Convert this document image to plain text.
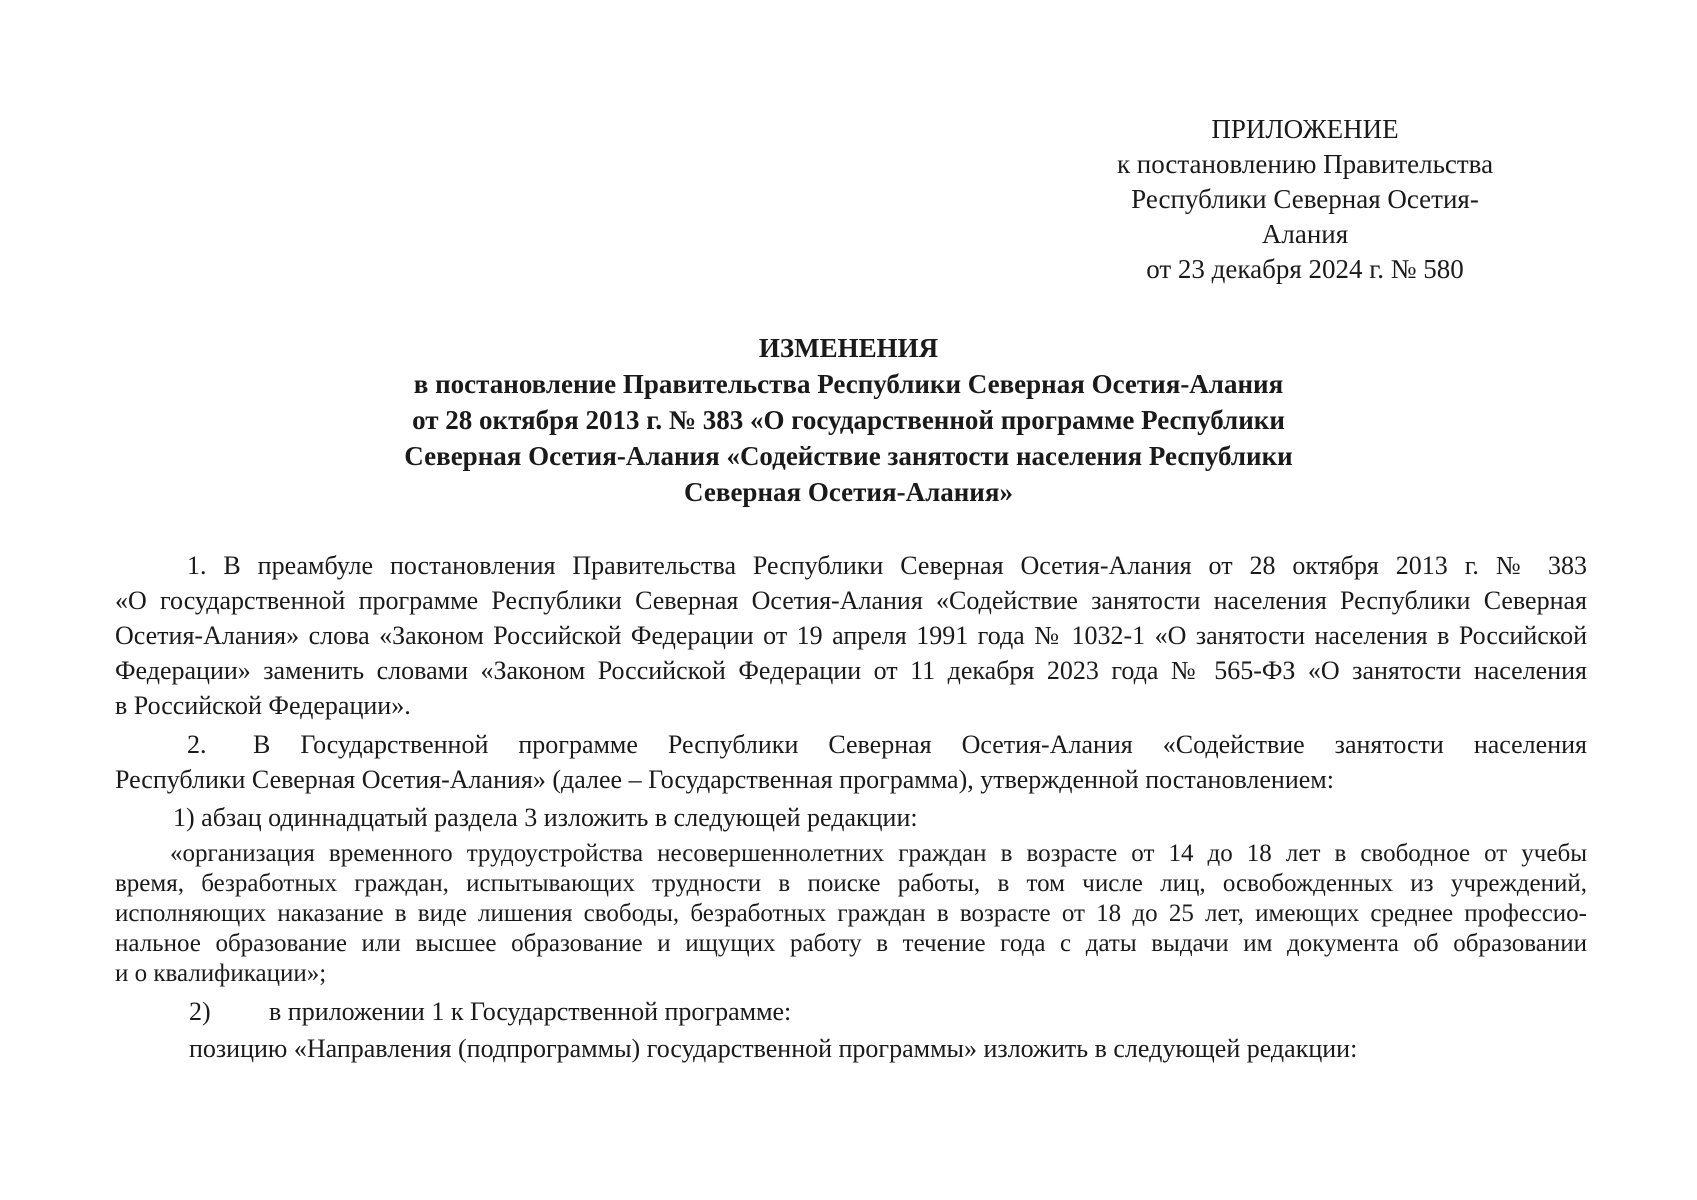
ПРИЛОЖЕНИЕ
к постановлению Правительства
Республики Северная Осетия-Алания
от 23 декабря 2024 г. № 580
ИЗМЕНЕНИЯ
в постановление Правительства Республики Северная Осетия-Алания
от 28 октября 2013 г. № 383 «О государственной программе Республики
Северная Осетия-Алания «Содействие занятости населения Республики
Северная Осетия-Алания»
1. В преамбуле постановления Правительства Республики Северная Осетия-Алания от 28 октября 2013 г. № 383
«О государственной программе Республики Северная Осетия-Алания «Содействие занятости населения Республики Северная
Осетия-Алания» слова «Законом Российской Федерации от 19 апреля 1991 года № 1032-1 «О занятости населения в Российской
Федерации» заменить словами «Законом Российской Федерации от 11 декабря 2023 года № 565-ФЗ «О занятости населения
в Российской Федерации».
2. В Государственной программе Республики Северная Осетия-Алания «Содействие занятости населения
Республики Северная Осетия-Алания» (далее – Государственная программа), утвержденной постановлением:
1) абзац одиннадцатый раздела 3 изложить в следующей редакции:
«организация временного трудоустройства несовершеннолетних граждан в возрасте от 14 до 18 лет в свободное от учебы
время, безработных граждан, испытывающих трудности в поиске работы, в том числе лиц, освобожденных из учреждений,
исполняющих наказание в виде лишения свободы, безработных граждан в возрасте от 18 до 25 лет, имеющих среднее профессио-
нальное образование или высшее образование и ищущих работу в течение года с даты выдачи им документа об образовании
и о квалификации»;
2) в приложении 1 к Государственной программе:
позицию «Направления (подпрограммы) государственной программы» изложить в следующей редакции:
